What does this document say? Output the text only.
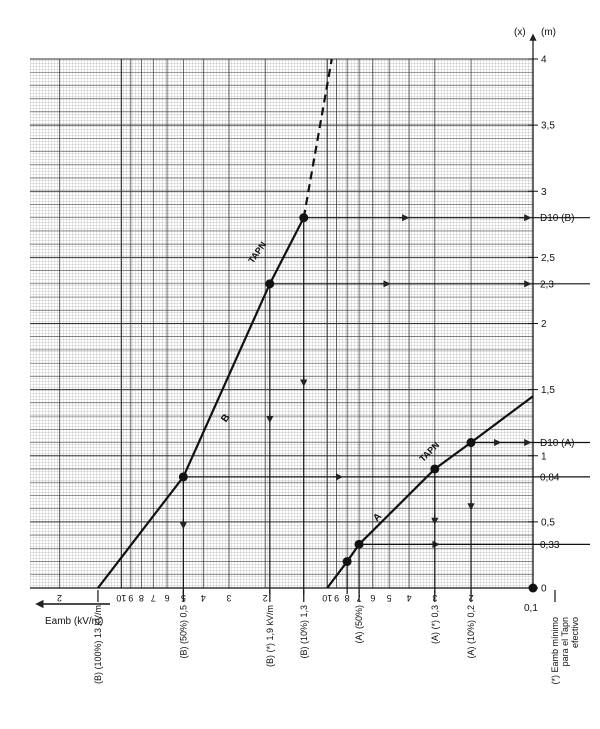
0
0,5
1
1,5
2
2,5
3
3,5
4
(x) (m)
B
TAPN
A
TAPN
D10 (B)
2,3
D10 (A)
0,84
0,33
2	10 9 8 7 6 5 4 3	2	10 9 8 7 6 5 4 3	2
Eamb (kV/m)
0,1
(*) Eamb mínimopara el Tapnefectivo
(A) (10%) 0,2
(A) (*) 0,3
(A) (50%)
(B) (10%) 1,3
(B) (*) 1,9 kV/m
(B) (50%) 0,5
(B) (100%) 13 kV/m
